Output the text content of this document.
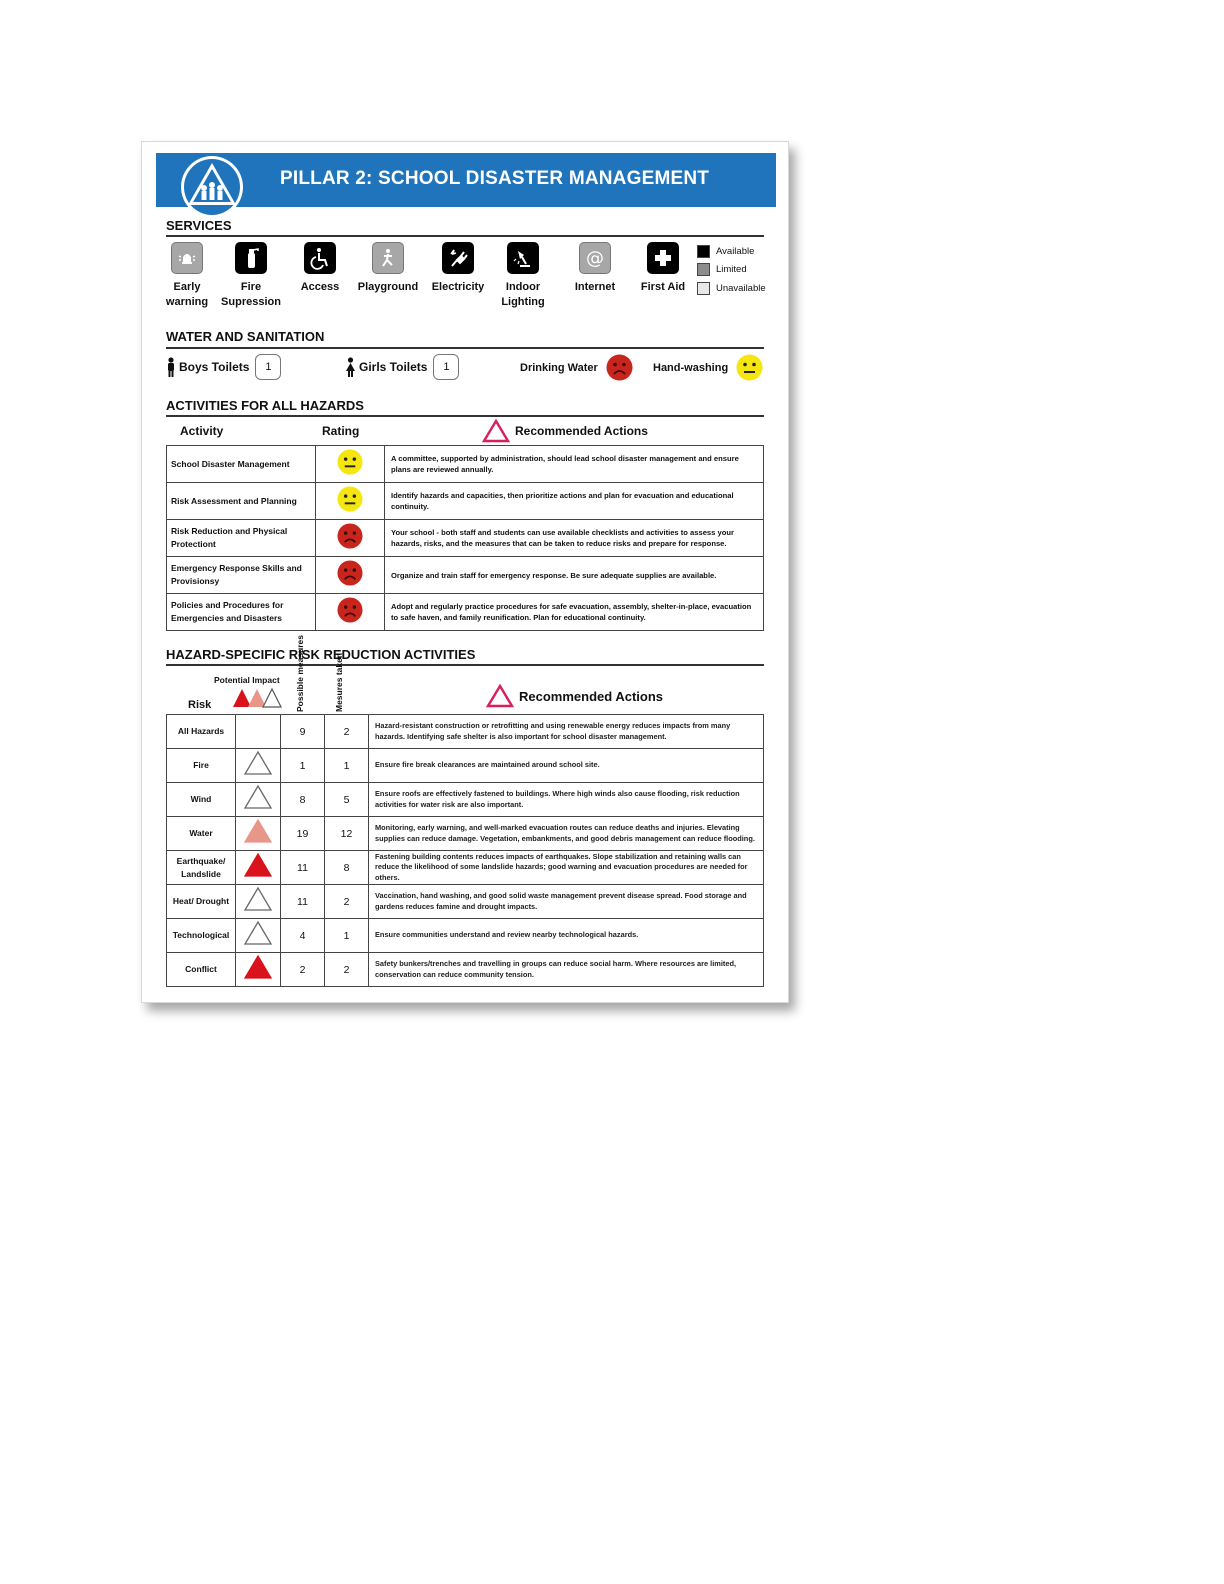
PILLAR 2: SCHOOL DISASTER MANAGEMENT
SERVICES
Early warning
Fire Supression
Access	Playground	Electricity	Indoor Lighting
@
Internet	First Aid
Available
Limited
Unavailable
WATER AND SANITATION
Boys Toilets	1	Girls Toilets	1	Drinking Water	Hand-washing
ACTIVITIES FOR ALL HAZARDS
Activity	Rating	Recommended Actions
School Disaster Management		A committee, supported by administration, should lead school disaster management and ensure plans are reviewed annually.
Risk Assessment and Planning		Identify hazards and capacities, then prioritize actions and plan for evacuation and educational continuity.
Risk Reduction and Physical Protectiont		Your school - both staff and students can use available checklists and activities to assess your hazards, risks, and the measures that can be taken to reduce risks and prepare for response.
Emergency Response Skills and Provisionsy		Organize and train staff for emergency response. Be sure adequate supplies are available.
Policies and Procedures for Emergencies and Disasters		Adopt and regularly practice procedures for safe evacuation, assembly, shelter-in-place, evacuation to safe haven, and family reunification. Plan for educational continuity.
HAZARD-SPECIFIC RISK REDUCTION ACTIVITIES
Potential Impact
Risk	Possible measures	Mesures taken	Recommended Actions
All Hazards		9	2	Hazard-resistant construction or retrofitting and using renewable energy reduces impacts from many hazards. Identifying safe shelter is also important for school disaster management.
Fire		1	1	Ensure fire break clearances are maintained around school site.
Wind		8	5	Ensure roofs are effectively fastened to buildings. Where high winds also cause flooding, risk reduction activities for water risk are also important.
Water		19	12	Monitoring, early warning, and well-marked evacuation routes can reduce deaths and injuries. Elevating supplies can reduce damage. Vegetation, embankments, and good debris management can reduce flooding.
Earthquake/ Landslide		11	8	Fastening building contents reduces impacts of earthquakes. Slope stabilization and retaining walls can reduce the likelihood of some landslide hazards; good warning and evacuation procedures are needed for others.
Heat/ Drought		11	2	Vaccination, hand washing, and good solid waste management prevent disease spread. Food storage and gardens reduces famine and drought impacts.
Technological		4	1	Ensure communities understand and review nearby technological hazards.
Conflict		2	2	Safety bunkers/trenches and travelling in groups can reduce social harm. Where resources are limited, conservation can reduce community tension.
